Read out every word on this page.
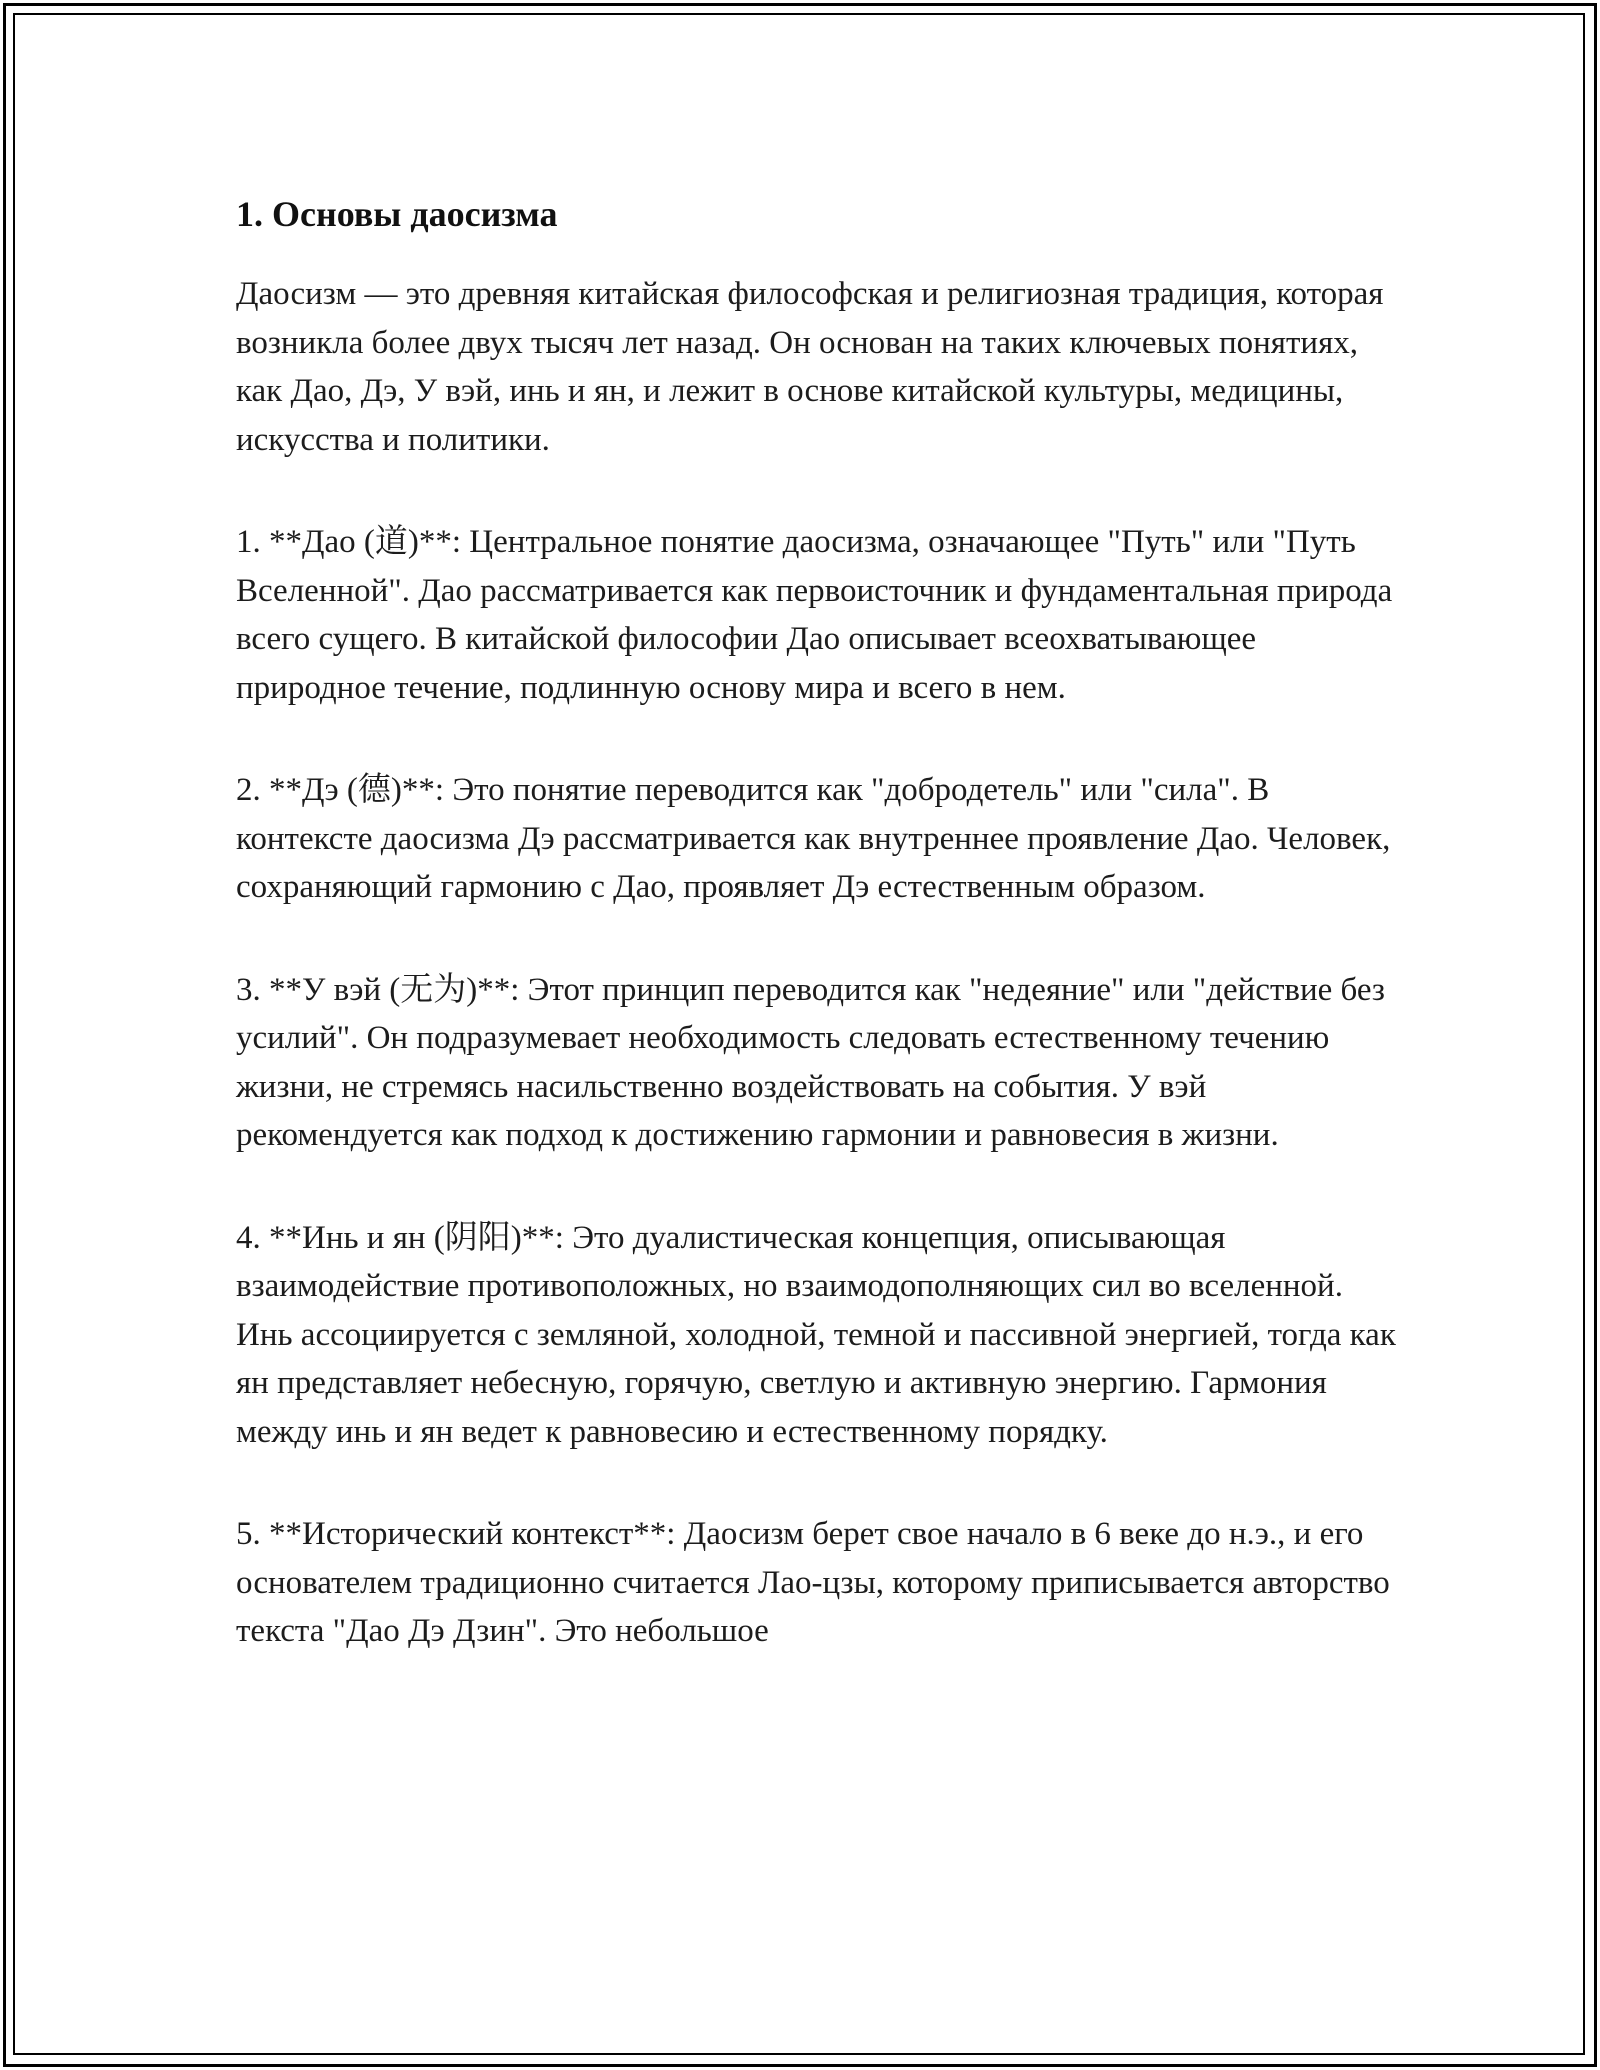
1. Основы даосизма

Даосизм — это древняя китайская философская и религиозная традиция, которая возникла более двух тысяч лет назад. Он основан на таких ключевых понятиях, как Дао, Дэ, У вэй, инь и ян, и лежит в основе китайской культуры, медицины, искусства и политики.

1. **Дао (道)**: Центральное понятие даосизма, означающее "Путь" или "Путь Вселенной". Дао рассматривается как первоисточник и фундаментальная природа всего сущего. В китайской философии Дао описывает всеохватывающее природное течение, подлинную основу мира и всего в нем.

2. **Дэ (德)**: Это понятие переводится как "добродетель" или "сила". В контексте даосизма Дэ рассматривается как внутреннее проявление Дао. Человек, сохраняющий гармонию с Дао, проявляет Дэ естественным образом.

3. **У вэй (无为)**: Этот принцип переводится как "недеяние" или "действие без усилий". Он подразумевает необходимость следовать естественному течению жизни, не стремясь насильственно воздействовать на события. У вэй рекомендуется как подход к достижению гармонии и равновесия в жизни.

4. **Инь и ян (阴阳)**: Это дуалистическая концепция, описывающая взаимодействие противоположных, но взаимодополняющих сил во вселенной. Инь ассоциируется с земляной, холодной, темной и пассивной энергией, тогда как ян представляет небесную, горячую, светлую и активную энергию. Гармония между инь и ян ведет к равновесию и естественному порядку.

5. **Исторический контекст**: Даосизм берет свое начало в 6 веке до н.э., и его основателем традиционно считается Лао-цзы, которому приписывается авторство текста "Дао Дэ Дзин". Это небольшое
